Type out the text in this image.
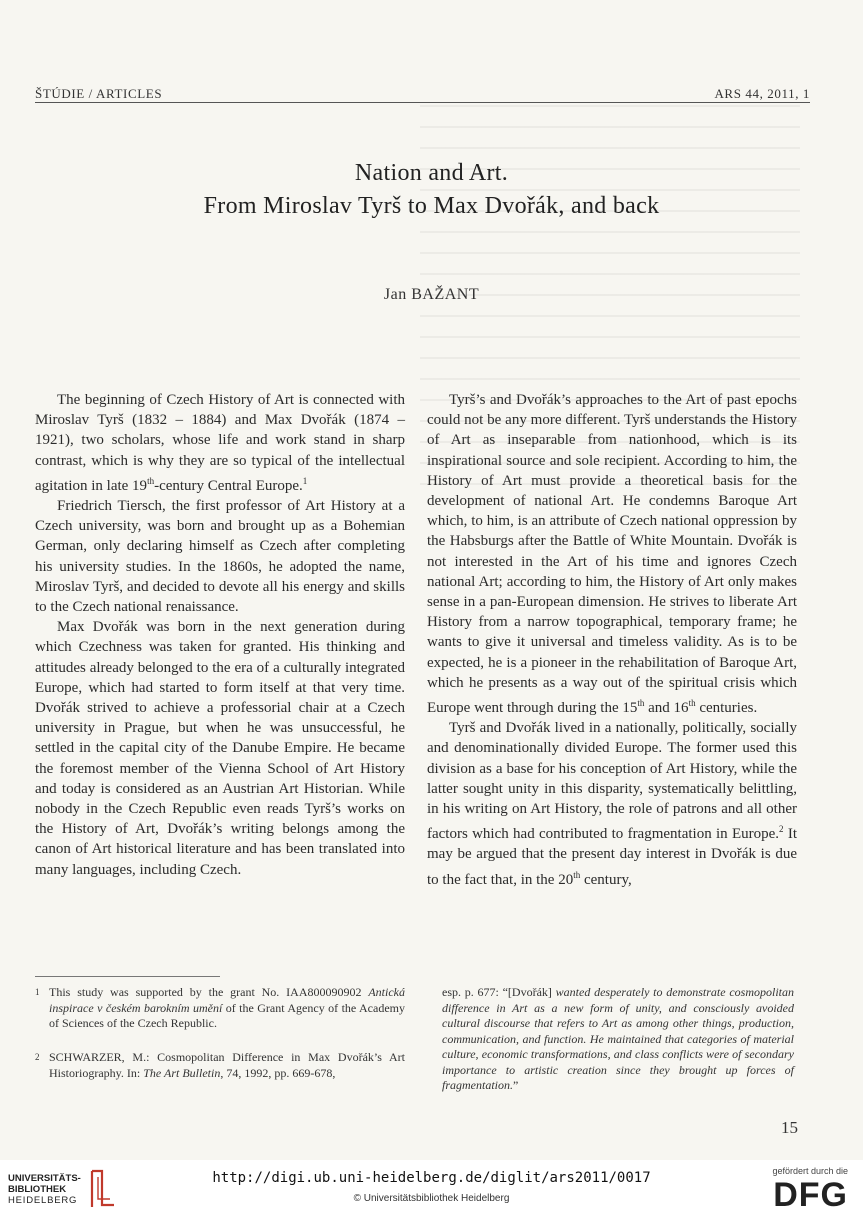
ŠTÚDIE / ARTICLES	ARS 44, 2011, 1
Nation and Art.
From Miroslav Tyrš to Max Dvořák, and back
Jan BAŽANT

The beginning of Czech History of Art is connected with Miroslav Tyrš (1832 – 1884) and Max Dvořák (1874 – 1921), two scholars, whose life and work stand in sharp contrast, which is why they are so typical of the intellectual agitation in late 19th-century Central Europe.$^1$

Friedrich Tiersch, the first professor of Art History at a Czech university, was born and brought up as a Bohemian German, only declaring himself as Czech after completing his university studies. In the 1860s, he adopted the name, Miroslav Tyrš, and decided to devote all his energy and skills to the Czech national renaissance.

Max Dvořák was born in the next generation during which Czechness was taken for granted. His thinking and attitudes already belonged to the era of a culturally integrated Europe, which had started to form itself at that very time. Dvořák strived to achieve a professorial chair at a Czech university in Prague, but when he was unsuccessful, he settled in the capital city of the Danube Empire. He became the foremost member of the Vienna School of Art History and today is considered as an Austrian Art Historian. While nobody in the Czech Republic even reads Tyrš’s works on the History of Art, Dvořák’s writing belongs among the canon of Art historical literature and has been translated into many languages, including Czech.

Tyrš’s and Dvořák’s approaches to the Art of past epochs could not be any more different. Tyrš understands the History of Art as inseparable from nationhood, which is its inspirational source and sole recipient. According to him, the History of Art must provide a theoretical basis for the development of national Art. He condemns Baroque Art which, to him, is an attribute of Czech national oppression by the Habsburgs after the Battle of White Mountain. Dvořák is not interested in the Art of his time and ignores Czech national Art; according to him, the History of Art only makes sense in a pan-European dimension. He strives to liberate Art History from a narrow topographical, temporary frame; he wants to give it universal and timeless validity. As is to be expected, he is a pioneer in the rehabilitation of Baroque Art, which he presents as a way out of the spiritual crisis which Europe went through during the 15th and 16th centuries.

Tyrš and Dvořák lived in a nationally, politically, socially and denominationally divided Europe. The former used this division as a base for his conception of Art History, while the latter sought unity in this disparity, systematically belittling, in his writing on Art History, the role of patrons and all other factors which had contributed to fragmentation in Europe.$^2$ It may be argued that the present day interest in Dvořák is due to the fact that, in the 20th century,

1 This study was supported by the grant No. IAA800090902 Antická inspirace v českém barokním umění of the Grant Agency of the Academy of Sciences of the Czech Republic.
2 SCHWARZER, M.: Cosmopolitan Difference in Max Dvořák’s Art Historiography. In: The Art Bulletin, 74, 1992, pp. 669-678,
esp. p. 677: “[Dvořák] wanted desperately to demonstrate cosmopolitan difference in Art as a new form of unity, and consciously avoided cultural discourse that refers to Art as among other things, production, communication, and function. He maintained that categories of material culture, economic transformations, and class conflicts were of secondary importance to artistic creation since they brought up forces of fragmentation.”
15
UNIVERSITÄTS-
BIBLIOTHEK
HEIDELBERG
http://digi.ub.uni-heidelberg.de/diglit/ars2011/0017
© Universitätsbibliothek Heidelberg
gefördert durch die
DFG
